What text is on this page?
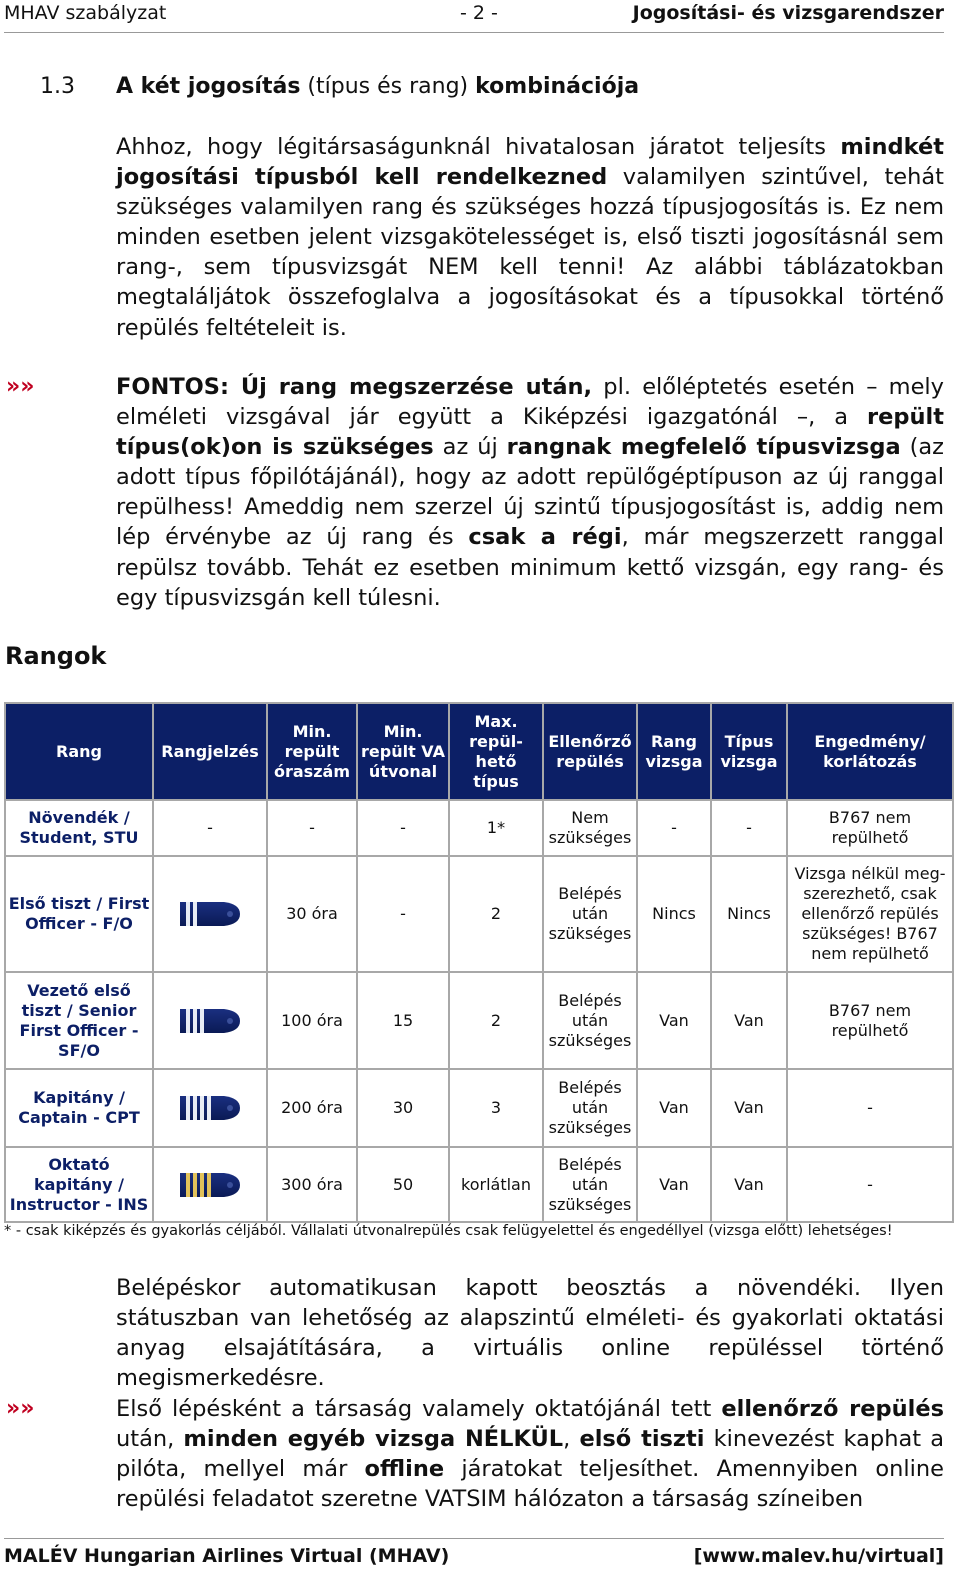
MHAV szabályzat	- 2 -	Jogosítási- és vizsgarendszer
1.3 A két jogosítás (típus és rang) kombinációja
Ahhoz, hogy légitársaságunknál hivatalosan járatot teljesíts mindkét jogosítási típusból kell rendelkezned valamilyen szintűvel, tehát szükséges valamilyen rang és szükséges hozzá típusjogosítás is. Ez nem minden esetben jelent vizsgakötelességet is, első tiszti jogosításnál sem rang-, sem típusvizsgát NEM kell tenni! Az alábbi táblázatokban megtaláljátok összefoglalva a jogosításokat és a típusokkal történő repülés feltételeit is.
»»	FONTOS: Új rang megszerzése után, pl. előléptetés esetén – mely elméleti vizsgával jár együtt a Kiképzési igazgatónál –, a repült típus(ok)on is szükséges az új rangnak megfelelő típusvizsga (az adott típus főpilótájánál), hogy az adott repülőgéptípuson az új ranggal repülhess! Ameddig nem szerzel új szintű típusjogosítást is, addig nem lép érvénybe az új rang és csak a régi, már megszerzett ranggal repülsz tovább. Tehát ez esetben minimum kettő vizsgán, egy rang- és egy típusvizsgán kell túlesni.
Rangok
Rang	Rangjelzés	Min. repült óraszám	Min. repült VA útvonal	Max. repül-hető típus	Ellenőrző repülés	Rang vizsga	Típus vizsga	Engedmény/ korlátozás
Növendék / Student, STU	-	-	-	1*	Nem szükséges	-	-	B767 nem repülhető
Első tiszt / First Officer - F/O		30 óra	-	2	Belépés után szükséges	Nincs	Nincs	Vizsga nélkül meg-szerezhető, csak ellenőrző repülés szükséges! B767 nem repülhető
Vezető első tiszt / Senior First Officer - SF/O		100 óra	15	2	Belépés után szükséges	Van	Van	B767 nem repülhető
Kapitány / Captain - CPT		200 óra	30	3	Belépés után szükséges	Van	Van	-
Oktató kapitány / Instructor - INS		300 óra	50	korlátlan	Belépés után szükséges	Van	Van	-
* - csak kiképzés és gyakorlás céljából. Vállalati útvonalrepülés csak felügyelettel és engedéllyel (vizsga előtt) lehetséges!
Belépéskor automatikusan kapott beosztás a növendéki. Ilyen státuszban van lehetőség az alapszintű elméleti- és gyakorlati oktatási anyag elsajátítására, a virtuális online repüléssel történő megismerkedésre.
»»	Első lépésként a társaság valamely oktatójánál tett ellenőrző repülés után, minden egyéb vizsga NÉLKÜL, első tiszti kinevezést kaphat a pilóta, mellyel már offline járatokat teljesíthet. Amennyiben online repülési feladatot szeretne VATSIM hálózaton a társaság színeiben
MALÉV Hungarian Airlines Virtual (MHAV)	[www.malev.hu/virtual]
